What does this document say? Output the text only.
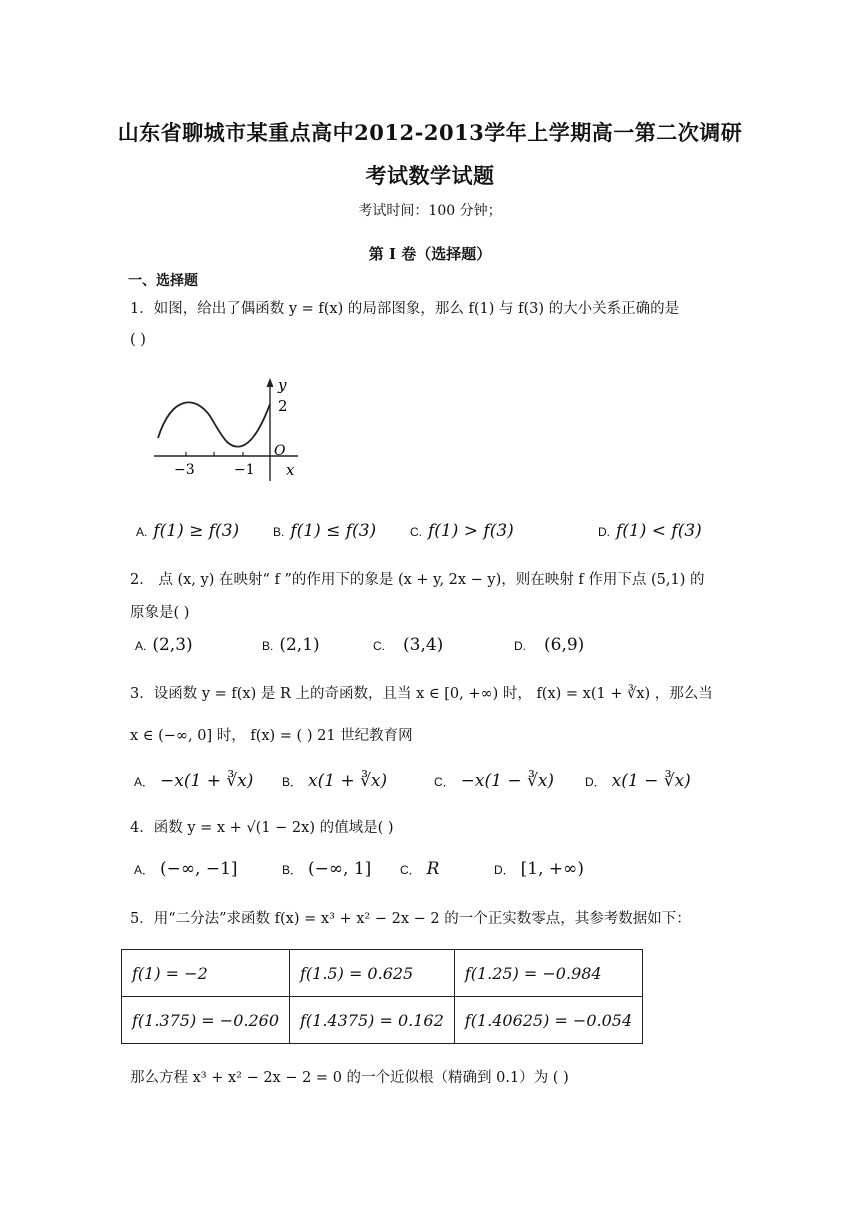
山东省聊城市某重点高中2012-2013学年上学期高一第二次调研
考试数学试题
考试时间：100 分钟；
第 I 卷（选择题）
一、选择题
1．如图，给出了偶函数 y = f(x) 的局部图象，那么 f(1) 与 f(3) 的大小关系正确的是
( )
y
2
O
x
−3	−1
A. f(1) ≥ f(3)	B. f(1) ≤ f(3)	C. f(1) > f(3)	D. f(1) < f(3)
2． 点 (x, y) 在映射“ f ”的作用下的象是 (x + y, 2x − y)，则在映射 f 作用下点 (5,1) 的
原象是( )
A. (2,3)	B. (2,1)	C. (3,4)	D. (6,9)
3．设函数 y = f(x) 是 R 上的奇函数，且当 x ∈ [0, +∞) 时， f(x) = x(1 + ∛x) ，那么当
x ∈ (−∞, 0] 时， f(x) = ( ) 21 世纪教育网
A． −x(1 + ∛x) B． x(1 + ∛x)	C． −x(1 − ∛x)	D． x(1 − ∛x)
4．函数 y = x + √(1 − 2x) 的值域是( )
A． (−∞, −1]	B． (−∞, 1] C． R	D． [1, +∞)
5．用“二分法”求函数 f(x) = x³ + x² − 2x − 2 的一个正实数零点，其参考数据如下：
f(1) = −2	f(1.5) = 0.625	f(1.25) = −0.984
f(1.375) = −0.260	f(1.4375) = 0.162	f(1.40625) = −0.054
那么方程 x³ + x² − 2x − 2 = 0 的一个近似根（精确到 0.1）为 ( )
